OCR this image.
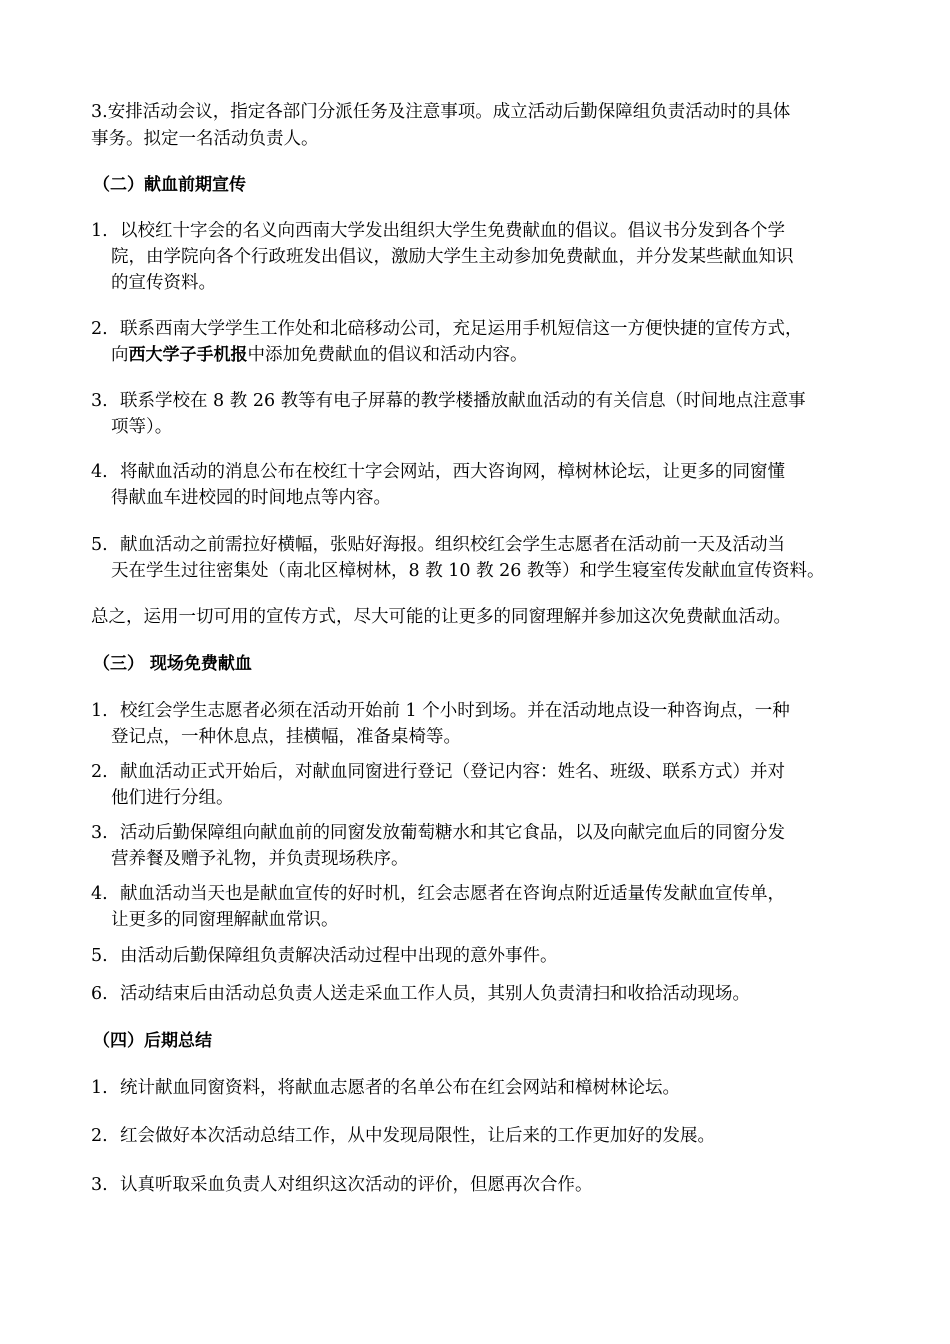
3.安排活动会议，指定各部门分派任务及注意事项。成立活动后勤保障组负责活动时的具体
事务。拟定一名活动负责人。
（二）献血前期宣传
1. 以校红十字会的名义向西南大学发出组织大学生免费献血的倡议。倡议书分发到各个学
院，由学院向各个行政班发出倡议，激励大学生主动参加免费献血，并分发某些献血知识
的宣传资料。
2. 联系西南大学学生工作处和北碚移动公司，充足运用手机短信这一方便快捷的宣传方式，
向西大学子手机报中添加免费献血的倡议和活动内容。
3. 联系学校在 8 教 26 教等有电子屏幕的教学楼播放献血活动的有关信息（时间地点注意事
项等）。
4. 将献血活动的消息公布在校红十字会网站，西大咨询网，樟树林论坛，让更多的同窗懂
得献血车进校园的时间地点等内容。
5. 献血活动之前需拉好横幅，张贴好海报。组织校红会学生志愿者在活动前一天及活动当
天在学生过往密集处（南北区樟树林，8 教 10 教 26 教等）和学生寝室传发献血宣传资料。
总之，运用一切可用的宣传方式，尽大可能的让更多的同窗理解并参加这次免费献血活动。
（三） 现场免费献血
1. 校红会学生志愿者必须在活动开始前 1 个小时到场。并在活动地点设一种咨询点，一种
登记点，一种休息点，挂横幅，准备桌椅等。
2. 献血活动正式开始后，对献血同窗进行登记（登记内容：姓名、班级、联系方式）并对
他们进行分组。
3. 活动后勤保障组向献血前的同窗发放葡萄糖水和其它食品，以及向献完血后的同窗分发
营养餐及赠予礼物，并负责现场秩序。
4. 献血活动当天也是献血宣传的好时机，红会志愿者在咨询点附近适量传发献血宣传单，
让更多的同窗理解献血常识。
5. 由活动后勤保障组负责解决活动过程中出现的意外事件。
6. 活动结束后由活动总负责人送走采血工作人员，其别人负责清扫和收拾活动现场。
（四）后期总结
1. 统计献血同窗资料，将献血志愿者的名单公布在红会网站和樟树林论坛。
2. 红会做好本次活动总结工作，从中发现局限性，让后来的工作更加好的发展。
3. 认真听取采血负责人对组织这次活动的评价，但愿再次合作。
